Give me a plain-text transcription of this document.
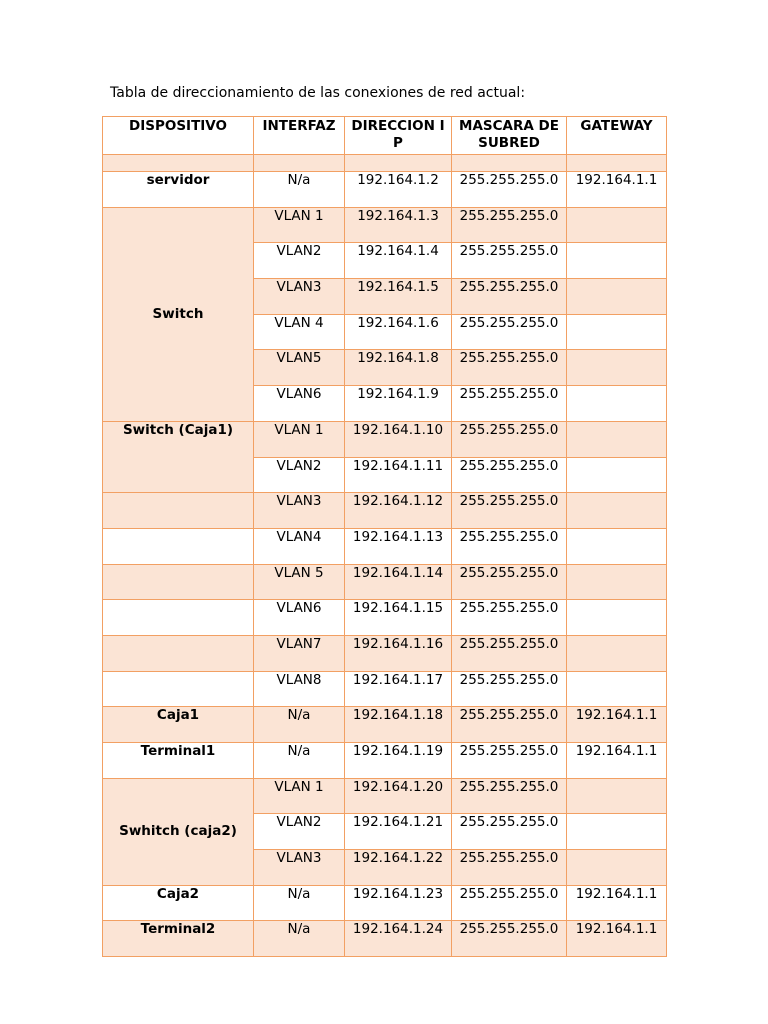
Tabla de direccionamiento de las conexiones de red actual:
DISPOSITIVO	INTERFAZ	DIRECCION IP	MASCARA DE SUBRED	GATEWAY

servidor	N/a	192.164.1.2	255.255.255.0	192.164.1.1
Switch	VLAN 1	192.164.1.3	255.255.255.0	
	VLAN2	192.164.1.4	255.255.255.0	
	VLAN3	192.164.1.5	255.255.255.0	
	VLAN 4	192.164.1.6	255.255.255.0	
	VLAN5	192.164.1.8	255.255.255.0	
	VLAN6	192.164.1.9	255.255.255.0	
Switch (Caja1)	VLAN 1	192.164.1.10	255.255.255.0	
	VLAN2	192.164.1.11	255.255.255.0	
	VLAN3	192.164.1.12	255.255.255.0	
	VLAN4	192.164.1.13	255.255.255.0	
	VLAN 5	192.164.1.14	255.255.255.0	
	VLAN6	192.164.1.15	255.255.255.0	
	VLAN7	192.164.1.16	255.255.255.0	
	VLAN8	192.164.1.17	255.255.255.0	
Caja1	N/a	192.164.1.18	255.255.255.0	192.164.1.1
Terminal1	N/a	192.164.1.19	255.255.255.0	192.164.1.1
Swhitch (caja2)	VLAN 1	192.164.1.20	255.255.255.0	
	VLAN2	192.164.1.21	255.255.255.0	
	VLAN3	192.164.1.22	255.255.255.0	
Caja2	N/a	192.164.1.23	255.255.255.0	192.164.1.1
Terminal2	N/a	192.164.1.24	255.255.255.0	192.164.1.1
